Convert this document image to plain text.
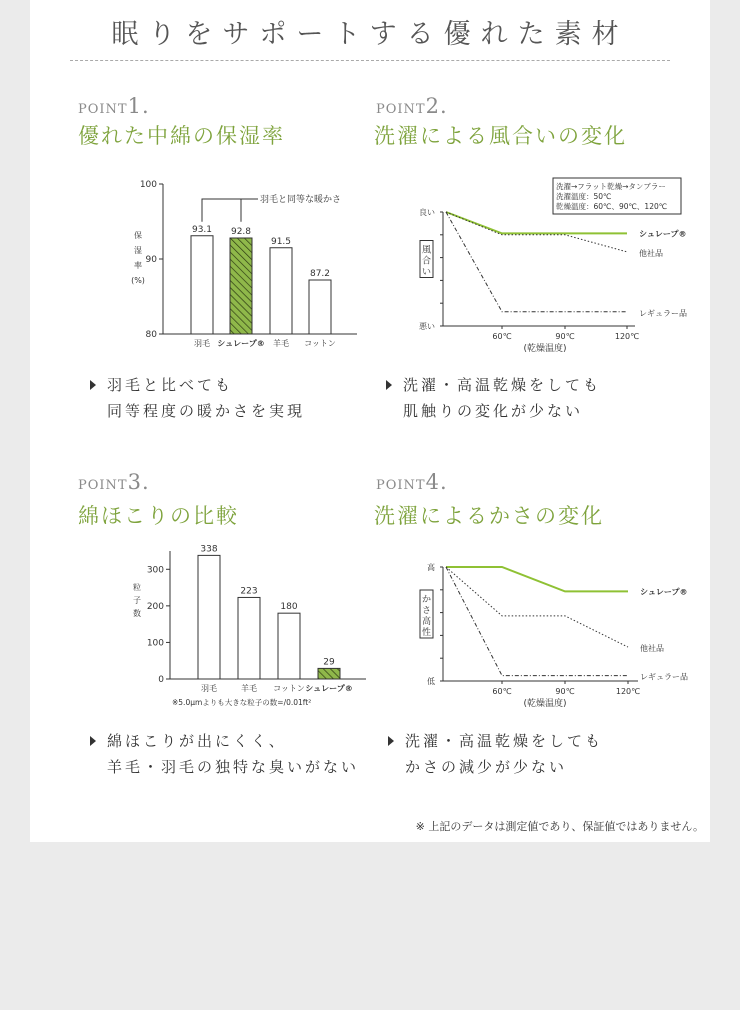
眠りをサポートする優れた素材
POINT1.
優れた中綿の保湿率
100
90
80
保
湿
率
(%)
93.1
羽毛
92.8
シュレープ®
91.5
羊毛
87.2
コットン
羽毛と同等な暖かさ
羽毛と比べても
同等程度の暖かさを実現
POINT2.
洗濯による風合いの変化
良い
悪い
風
合
い
60℃	90℃	120℃
(乾燥温度)
シュレープ®
他社品
レギュラー品
洗濯→フラット乾燥→タンブラー
洗濯温度：50℃
乾燥温度：60℃、90℃、120℃
洗濯・高温乾燥をしても
肌触りの変化が少ない
POINT3.
綿ほこりの比較
300
200
100
0
粒
子
数
338
羽毛
223
羊毛
180
コットン
29
シュレープ®
※5.0μmよりも大きな粒子の数=/0.01ft²
綿ほこりが出にくく、
羊毛・羽毛の独特な臭いがない
POINT4.
洗濯によるかさの変化
高
低
か
さ
高
性
60℃	90℃	120℃
(乾燥温度)
シュレープ®
他社品
レギュラー品
洗濯・高温乾燥をしても
かさの減少が少ない
※ 上記のデータは測定値であり、保証値ではありません。
